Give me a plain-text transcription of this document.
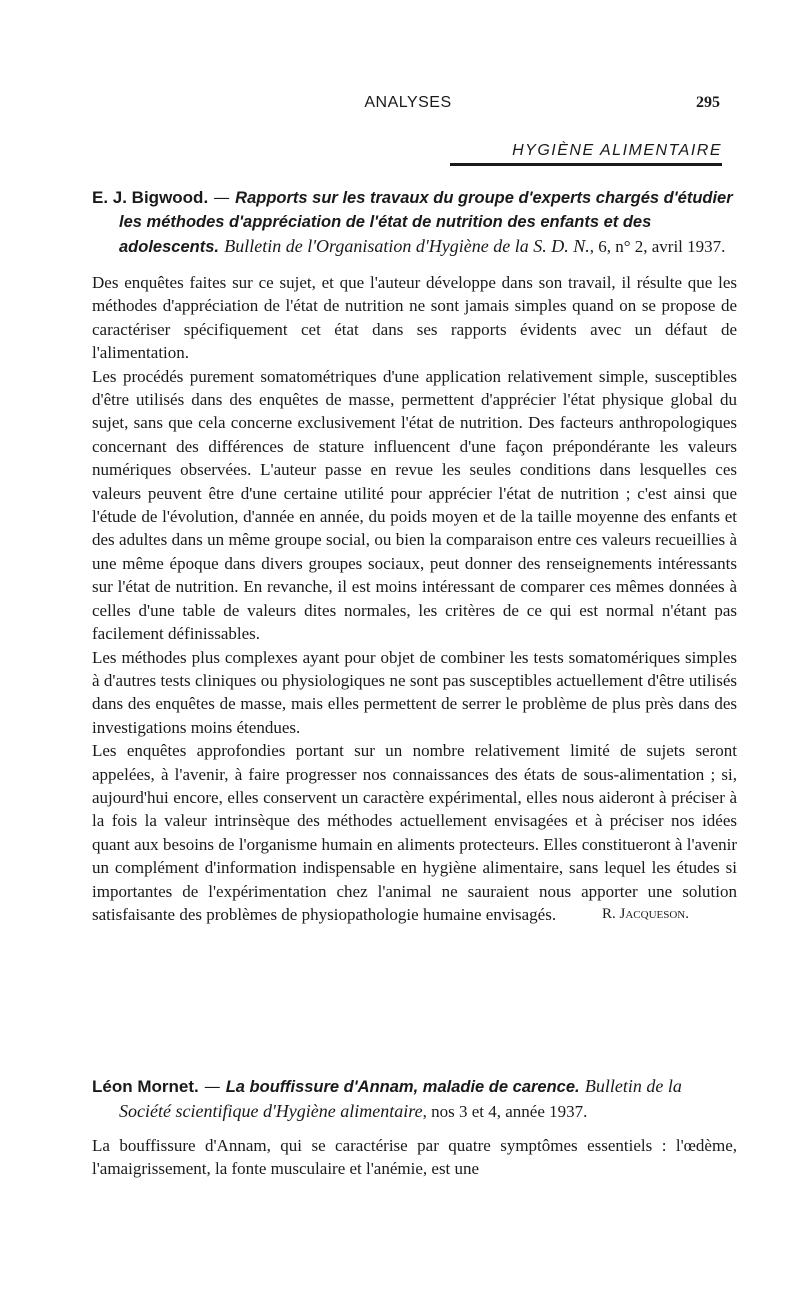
ANALYSES	295
HYGIÈNE ALIMENTAIRE

E. J. Bigwood. — Rapports sur les travaux du groupe d'experts chargés d'étudier les méthodes d'appréciation de l'état de nutrition des enfants et des adolescents. Bulletin de l'Organisation d'Hygiène de la S. D. N., 6, n° 2, avril 1937.

Des enquêtes faites sur ce sujet, et que l'auteur développe dans son travail, il résulte que les méthodes d'appréciation de l'état de nutrition ne sont jamais simples quand on se propose de caractériser spécifiquement cet état dans ses rapports évidents avec un défaut de l'alimentation.

Les procédés purement somatométriques d'une application relativement simple, susceptibles d'être utilisés dans des enquêtes de masse, permettent d'apprécier l'état physique global du sujet, sans que cela concerne exclusivement l'état de nutrition. Des facteurs anthropologiques concernant des différences de stature influencent d'une façon prépondérante les valeurs numériques observées. L'auteur passe en revue les seules conditions dans lesquelles ces valeurs peuvent être d'une certaine utilité pour apprécier l'état de nutrition ; c'est ainsi que l'étude de l'évolution, d'année en année, du poids moyen et de la taille moyenne des enfants et des adultes dans un même groupe social, ou bien la comparaison entre ces valeurs recueillies à une même époque dans divers groupes sociaux, peut donner des renseignements intéressants sur l'état de nutrition. En revanche, il est moins intéressant de comparer ces mêmes données à celles d'une table de valeurs dites normales, les critères de ce qui est normal n'étant pas facilement définissables.

Les méthodes plus complexes ayant pour objet de combiner les tests somatomériques simples à d'autres tests cliniques ou physiologiques ne sont pas susceptibles actuellement d'être utilisés dans des enquêtes de masse, mais elles permettent de serrer le problème de plus près dans des investigations moins étendues.

Les enquêtes approfondies portant sur un nombre relativement limité de sujets seront appelées, à l'avenir, à faire progresser nos connaissances des états de sous-alimentation ; si, aujourd'hui encore, elles conservent un caractère expérimental, elles nous aideront à préciser à la fois la valeur intrinsèque des méthodes actuellement envisagées et à préciser nos idées quant aux besoins de l'organisme humain en aliments protecteurs. Elles constitueront à l'avenir un complément d'information indispensable en hygiène alimentaire, sans lequel les études si importantes de l'expérimentation chez l'animal ne sauraient nous apporter une solution satisfaisante des problèmes de physiopathologie humaine envisagés.	R. Jacqueson.

Léon Mornet. — La bouffissure d'Annam, maladie de carence. Bulletin de la Société scientifique d'Hygiène alimentaire, nos 3 et 4, année 1937.

La bouffissure d'Annam, qui se caractérise par quatre symptômes essentiels : l'œdème, l'amaigrissement, la fonte musculaire et l'anémie, est une
